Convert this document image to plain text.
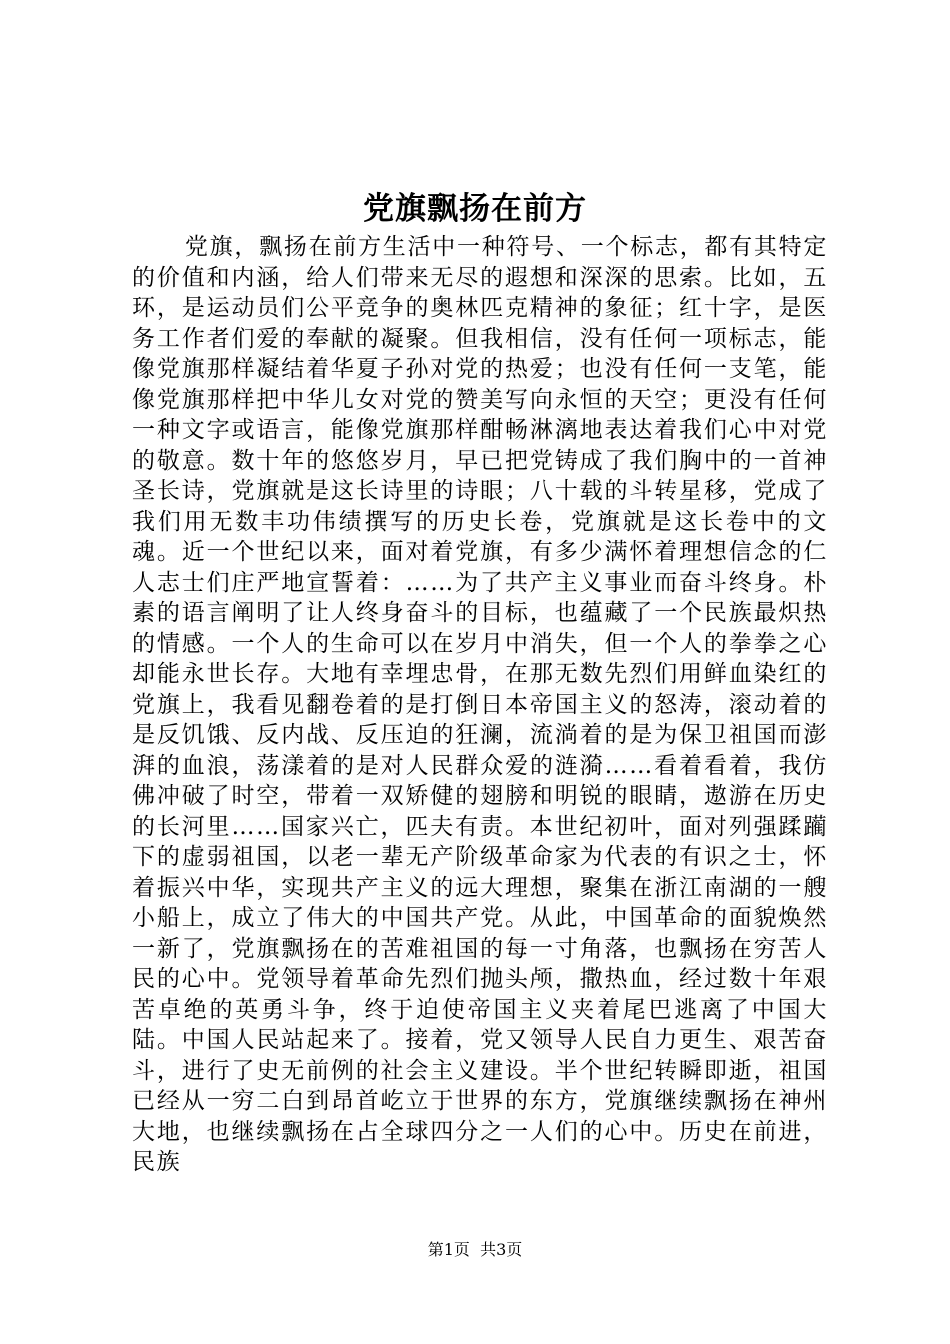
党旗飘扬在前方

党旗，飘扬在前方生活中一种符号、一个标志，都有其特定的价值和内涵，给人们带来无尽的遐想和深深的思索。比如，五环，是运动员们公平竞争的奥林匹克精神的象征；红十字，是医务工作者们爱的奉献的凝聚。但我相信，没有任何一项标志，能像党旗那样凝结着华夏子孙对党的热爱；也没有任何一支笔，能像党旗那样把中华儿女对党的赞美写向永恒的天空；更没有任何一种文字或语言，能像党旗那样酣畅淋漓地表达着我们心中对党的敬意。数十年的悠悠岁月，早已把党铸成了我们胸中的一首神圣长诗，党旗就是这长诗里的诗眼；八十载的斗转星移，党成了我们用无数丰功伟绩撰写的历史长卷，党旗就是这长卷中的文魂。近一个世纪以来，面对着党旗，有多少满怀着理想信念的仁人志士们庄严地宣誓着：……为了共产主义事业而奋斗终身。朴素的语言阐明了让人终身奋斗的目标，也蕴藏了一个民族最炽热的情感。一个人的生命可以在岁月中消失，但一个人的拳拳之心却能永世长存。大地有幸埋忠骨，在那无数先烈们用鲜血染红的党旗上，我看见翻卷着的是打倒日本帝国主义的怒涛，滚动着的是反饥饿、反内战、反压迫的狂澜，流淌着的是为保卫祖国而澎湃的血浪，荡漾着的是对人民群众爱的涟漪……看着看着，我仿佛冲破了时空，带着一双矫健的翅膀和明锐的眼睛，遨游在历史的长河里……国家兴亡，匹夫有责。本世纪初叶，面对列强蹂躏下的虚弱祖国，以老一辈无产阶级革命家为代表的有识之士，怀着振兴中华，实现共产主义的远大理想，聚集在浙江南湖的一艘小船上，成立了伟大的中国共产党。从此，中国革命的面貌焕然一新了，党旗飘扬在的苦难祖国的每一寸角落，也飘扬在穷苦人民的心中。党领导着革命先烈们抛头颅，撒热血，经过数十年艰苦卓绝的英勇斗争，终于迫使帝国主义夹着尾巴逃离了中国大陆。中国人民站起来了。接着，党又领导人民自力更生、艰苦奋斗，进行了史无前例的社会主义建设。半个世纪转瞬即逝，祖国已经从一穷二白到昂首屹立于世界的东方，党旗继续飘扬在神州大地，也继续飘扬在占全球四分之一人们的心中。历史在前进，民族

第1页 共3页
